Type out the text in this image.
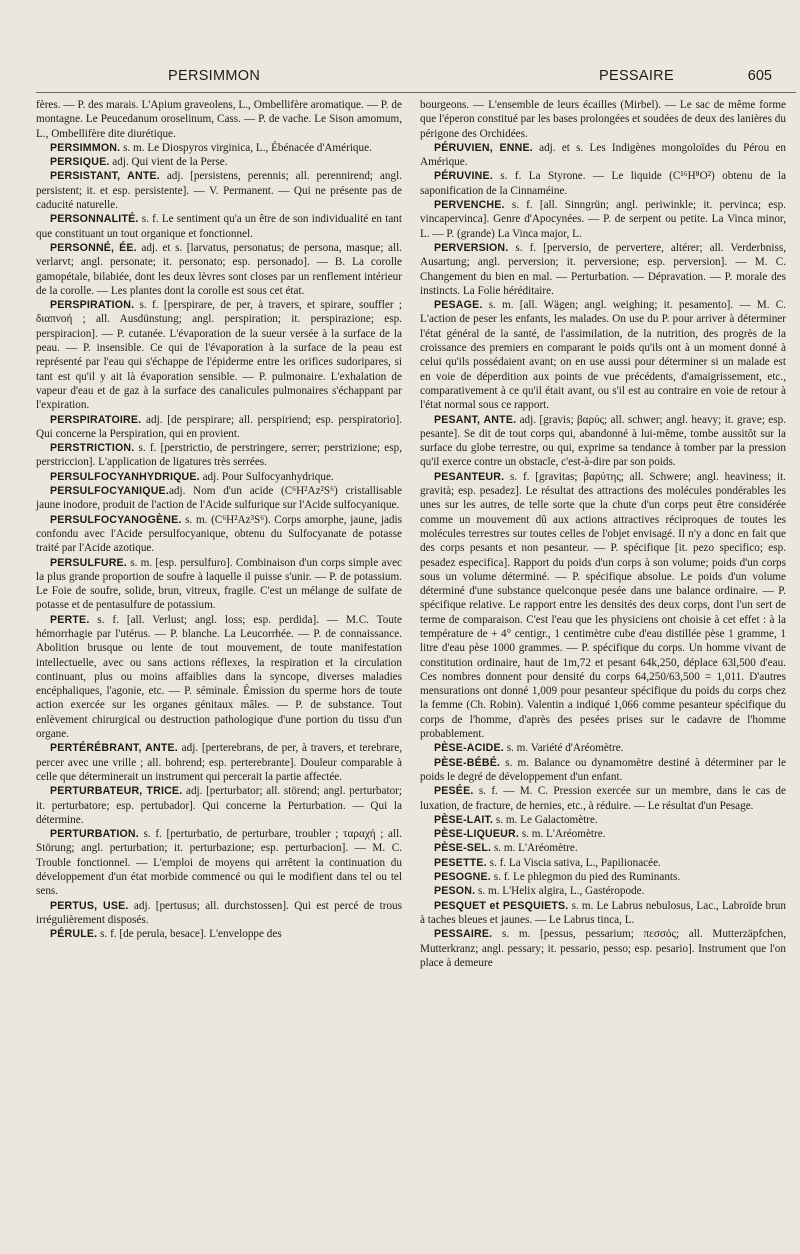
PERSIMMON	PESSAIRE	605

fères. — P. des marais. L'Apium graveolens, L., Ombellifère aromatique. — P. de montagne. Le Peucedanum oroselinum, Cass. — P. de vache. Le Sison amomum, L., Ombellifère dite diurétique.

PERSIMMON. s. m. Le Diospyros virginica, L., Ébénacée d'Amérique.

PERSIQUE. adj. Qui vient de la Perse.

PERSISTANT, ANTE. adj. [persistens, perennis; all. perennirend; angl. persistent; it. et esp. persistente]. — V. Permanent. — Qui ne présente pas de caducité naturelle.

PERSONNALITÉ. s. f. Le sentiment qu'a un être de son individualité en tant que constituant un tout organique et fonctionnel.

PERSONNÉ, ÉE. adj. et s. [larvatus, personatus; de persona, masque; all. verlarvt; angl. personate; it. personato; esp. personado]. — B. La corolle gamopétale, bilabiée, dont les deux lèvres sont closes par un renflement intérieur de la corolle. — Les plantes dont la corolle est sous cet état.

PERSPIRATION. s. f. [perspirare, de per, à travers, et spirare, souffler ; διαπνοή ; all. Ausdünstung; angl. perspiration; it. perspirazione; esp. perspiracion]. — P. cutanée. L'évaporation de la sueur versée à la surface de la peau. — P. insensible. Ce qui de l'évaporation à la surface de la peau est représenté par l'eau qui s'échappe de l'épiderme entre les orifices sudoripares, si tant est qu'il y ait là évaporation sensible. — P. pulmonaire. L'exhalation de vapeur d'eau et de gaz à la surface des canalicules pulmonaires s'échappant par l'expiration.

PERSPIRATOIRE. adj. [de perspirare; all. perspiriend; esp. perspiratorio]. Qui concerne la Perspiration, qui en provient.

PERSTRICTION. s. f. [perstrictio, de perstringere, serrer; perstrizione; esp, perstriccion]. L'application de ligatures très serrées.

PERSULFOCYANHYDRIQUE. adj. Pour Sulfocyanhydrique.

PERSULFOCYANIQUE.adj. Nom d'un acide (C⁶H²Az²S⁶) cristallisable jaune inodore, produit de l'action de l'Acide sulfurique sur l'Acide sulfocyanique.

PERSULFOCYANOGÈNE. s. m. (C⁶H²Az³S⁶). Corps amorphe, jaune, jadis confondu avec l'Acide persulfocyanique, obtenu du Sulfocyanate de potasse traité par l'Acide azotique.

PERSULFURE. s. m. [esp. persulfuro]. Combinaison d'un corps simple avec la plus grande proportion de soufre à laquelle il puisse s'unir. — P. de potassium. Le Foie de soufre, solide, brun, vitreux, fragile. C'est un mélange de sulfate de potasse et de pentasulfure de potassium.

PERTE. s. f. [all. Verlust; angl. loss; esp. perdida]. — M.C. Toute hémorrhagie par l'utérus. — P. blanche. La Leucorrhée. — P. de connaissance. Abolition brusque ou lente de tout mouvement, de toute manifestation intellectuelle, avec ou sans actions réflexes, la respiration et la circulation continuant, plus ou moins affaiblies dans la syncope, diverses maladies encéphaliques, l'agonie, etc. — P. séminale. Émission du sperme hors de toute action exercée sur les organes génitaux mâles. — P. de substance. Tout enlèvement chirurgical ou destruction pathologique d'une portion du tissu d'un organe.

PERTÉRÉBRANT, ANTE. adj. [perterebrans, de per, à travers, et terebrare, percer avec une vrille ; all. bohrend; esp. perterebrante]. Douleur comparable à celle que déterminerait un instrument qui percerait la partie affectée.

PERTURBATEUR, TRICE. adj. [perturbator; all. störend; angl. perturbator; it. perturbatore; esp. pertubador]. Qui concerne la Perturbation. — Qui la détermine.

PERTURBATION. s. f. [perturbatio, de perturbare, troubler ; ταραχή ; all. Störung; angl. perturbation; it. perturbazione; esp. perturbacion]. — M. C. Trouble fonctionnel. — L'emploi de moyens qui arrêtent la continuation du développement d'un état morbide commencé ou qui le modifient dans tel ou tel sens.

PERTUS, USE. adj. [pertusus; all. durchstossen]. Qui est percé de trous irrégulièrement disposés.

PÉRULE. s. f. [de perula, besace]. L'enveloppe des

bourgeons. — L'ensemble de leurs écailles (Mirbel). — Le sac de même forme que l'éperon constitué par les bases prolongées et soudées de deux des lanières du périgone des Orchidées.

PÉRUVIEN, ENNE. adj. et s. Les Indigènes mongoloïdes du Pérou en Amérique.

PÉRUVINE. s. f. La Styrone. — Le liquide (C¹⁶H⁸O²) obtenu de la saponification de la Cinnaméine.

PERVENCHE. s. f. [all. Sinngrün; angl. periwinkle; it. pervinca; esp. vincapervinca]. Genre d'Apocynées. — P. de serpent ou petite. La Vinca minor, L. — P. (grande) La Vinca major, L.

PERVERSION. s. f. [perversio, de pervertere, altérer; all. Verderbniss, Ausartung; angl. perversion; it. perversione; esp. perversion]. — M. C. Changement du bien en mal. — Perturbation. — Dépravation. — P. morale des instincts. La Folie héréditaire.

PESAGE. s. m. [all. Wägen; angl. weighing; it. pesamento]. — M. C. L'action de peser les enfants, les malades. On use du P. pour arriver à déterminer l'état général de la santé, de l'assimilation, de la nutrition, des progrès de la croissance des premiers en comparant le poids qu'ils ont à un moment donné à celui qu'ils possédaient avant; on en use aussi pour déterminer si un malade est en voie de déperdition aux points de vue précédents, d'amaigrissement, etc., comparativement à ce qu'il était avant, ou s'il est au contraire en voie de retour à l'état normal sous ce rapport.

PESANT, ANTE. adj. [gravis; βαρύς; all. schwer; angl. heavy; it. grave; esp. pesante]. Se dit de tout corps qui, abandonné à lui-même, tombe aussitôt sur la surface du globe terrestre, ou qui, exprime sa tendance à tomber par la pression qu'il exerce contre un obstacle, c'est-à-dire par son poids.

PESANTEUR. s. f. [gravitas; βαρύτης; all. Schwere; angl. heaviness; it. gravità; esp. pesadez]. Le résultat des attractions des molécules pondérables les unes sur les autres, de telle sorte que la chute d'un corps peut être considérée comme un mouvement dû aux actions attractives réciproques de toutes les molécules terrestres sur toutes celles de l'objet envisagé. Il n'y a donc en fait que des corps pesants et non pesanteur. — P. spécifique [it. pezo specifico; esp. pesadez especifica]. Rapport du poids d'un corps à son volume; poids d'un corps sous un volume déterminé. — P. spécifique absolue. Le poids d'un volume déterminé d'une substance quelconque pesée dans une balance ordinaire. — P. spécifique relative. Le rapport entre les densités des deux corps, dont l'un sert de terme de comparaison. C'est l'eau que les physiciens ont choisie à cet effet : à la température de + 4° centigr., 1 centimètre cube d'eau distillée pèse 1 gramme, 1 litre d'eau pèse 1000 grammes. — P. spécifique du corps. Un homme vivant de constitution ordinaire, haut de 1m,72 et pesant 64k,250, déplace 63l,500 d'eau. Ces nombres donnent pour densité du corps 64,250/63,500 = 1,011. D'autres mensurations ont donné 1,009 pour pesanteur spécifique du poids du corps chez la femme (Ch. Robin). Valentin a indiqué 1,066 comme pesanteur spécifique du corps de l'homme, d'après des pesées prises sur le cadavre de l'homme probablement.

PÈSE-ACIDE. s. m. Variété d'Aréomètre.

PÈSE-BÉBÉ. s. m. Balance ou dynamomètre destiné à déterminer par le poids le degré de développement d'un enfant.

PESÉE. s. f. — M. C. Pression exercée sur un membre, dans le cas de luxation, de fracture, de hernies, etc., à réduire. — Le résultat d'un Pesage.

PÈSE-LAIT. s. m. Le Galactomètre.

PÈSE-LIQUEUR. s. m. L'Aréomètre.

PÈSE-SEL. s. m. L'Aréomètre.

PESETTE. s. f. La Viscia sativa, L., Papilionacée.

PESOGNE. s. f. Le phlegmon du pied des Ruminants.

PESON. s. m. L'Helix algira, L., Gastéropode.

PESQUET et PESQUIETS. s. m. Le Labrus nebulosus, Lac., Labroïde brun à taches bleues et jaunes. — Le Labrus tinca, L.

PESSAIRE. s. m. [pessus, pessarium; πεσσός; all. Mutterzäpfchen, Mutterkranz; angl. pessary; it. pessario, pesso; esp. pesario]. Instrument que l'on place à demeure
